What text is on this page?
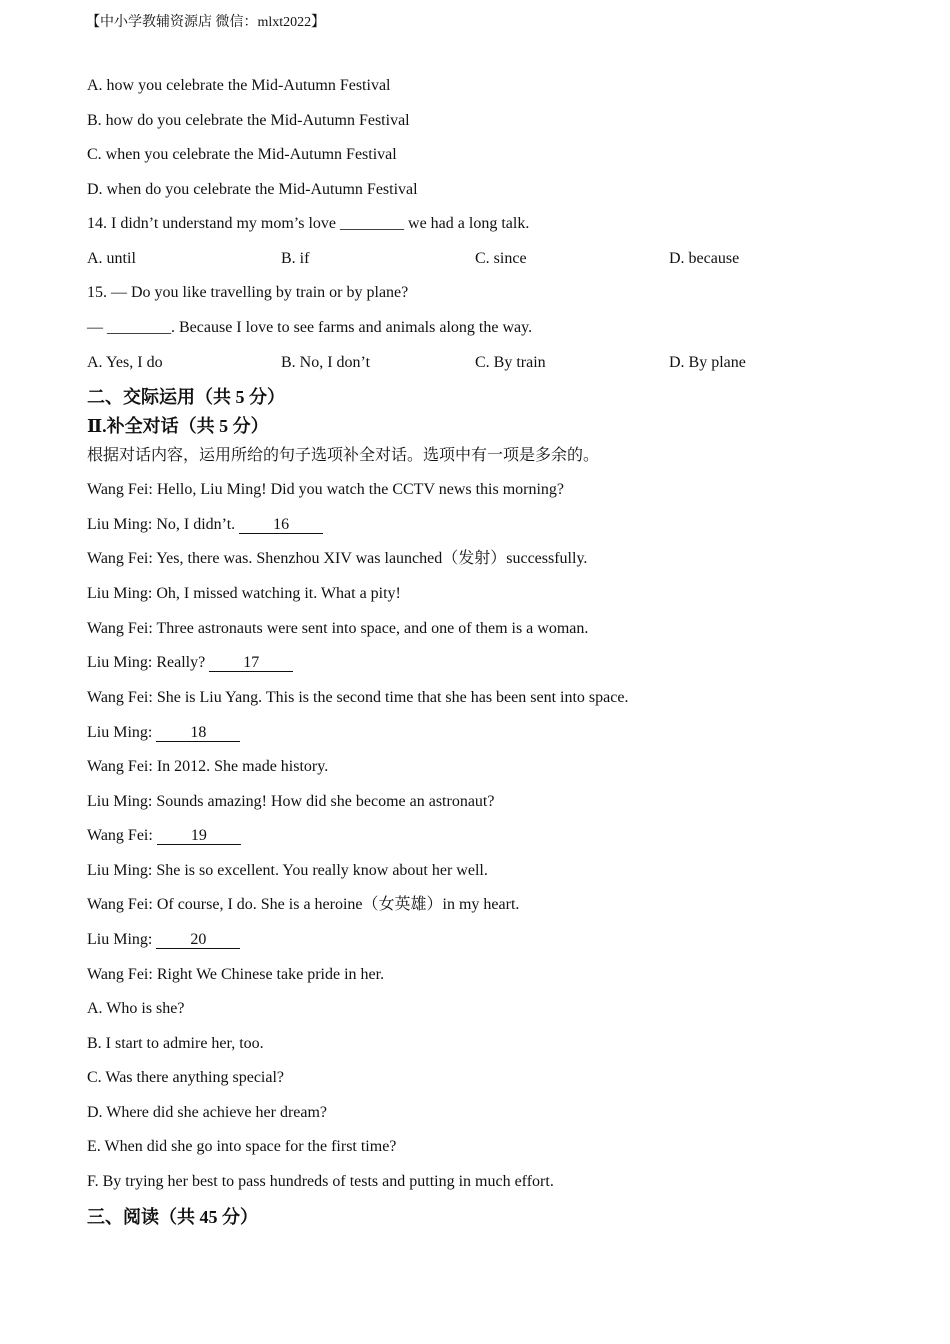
【中小学教辅资源店 微信：mlxt2022】
A. how you celebrate the Mid-Autumn Festival
B. how do you celebrate the Mid-Autumn Festival
C. when you celebrate the Mid-Autumn Festival
D. when do you celebrate the Mid-Autumn Festival
14. I didn’t understand my mom’s love ________ we had a long talk.
A. until	B. if	C. since	D. because
15. — Do you like travelling by train or by plane?
— ________. Because I love to see farms and animals along the way.
A. Yes, I do	B. No, I don’t	C. By train	D. By plane
二、交际运用（共 5 分）
Ⅱ.补全对话（共 5 分）
根据对话内容，运用所给的句子选项补全对话。选项中有一项是多余的。
Wang Fei: Hello, Liu Ming! Did you watch the CCTV news this morning?
Liu Ming: No, I didn’t. 16
Wang Fei: Yes, there was. Shenzhou XIV was launched（发射）successfully.
Liu Ming: Oh, I missed watching it. What a pity!
Wang Fei: Three astronauts were sent into space, and one of them is a woman.
Liu Ming: Really? 17
Wang Fei: She is Liu Yang. This is the second time that she has been sent into space.
Liu Ming: 18
Wang Fei: In 2012. She made history.
Liu Ming: Sounds amazing! How did she become an astronaut?
Wang Fei: 19
Liu Ming: She is so excellent. You really know about her well.
Wang Fei: Of course, I do. She is a heroine（女英雄）in my heart.
Liu Ming: 20
Wang Fei: Right We Chinese take pride in her.
A. Who is she?
B. I start to admire her, too.
C. Was there anything special?
D. Where did she achieve her dream?
E. When did she go into space for the first time?
F. By trying her best to pass hundreds of tests and putting in much effort.
三、阅读（共 45 分）
